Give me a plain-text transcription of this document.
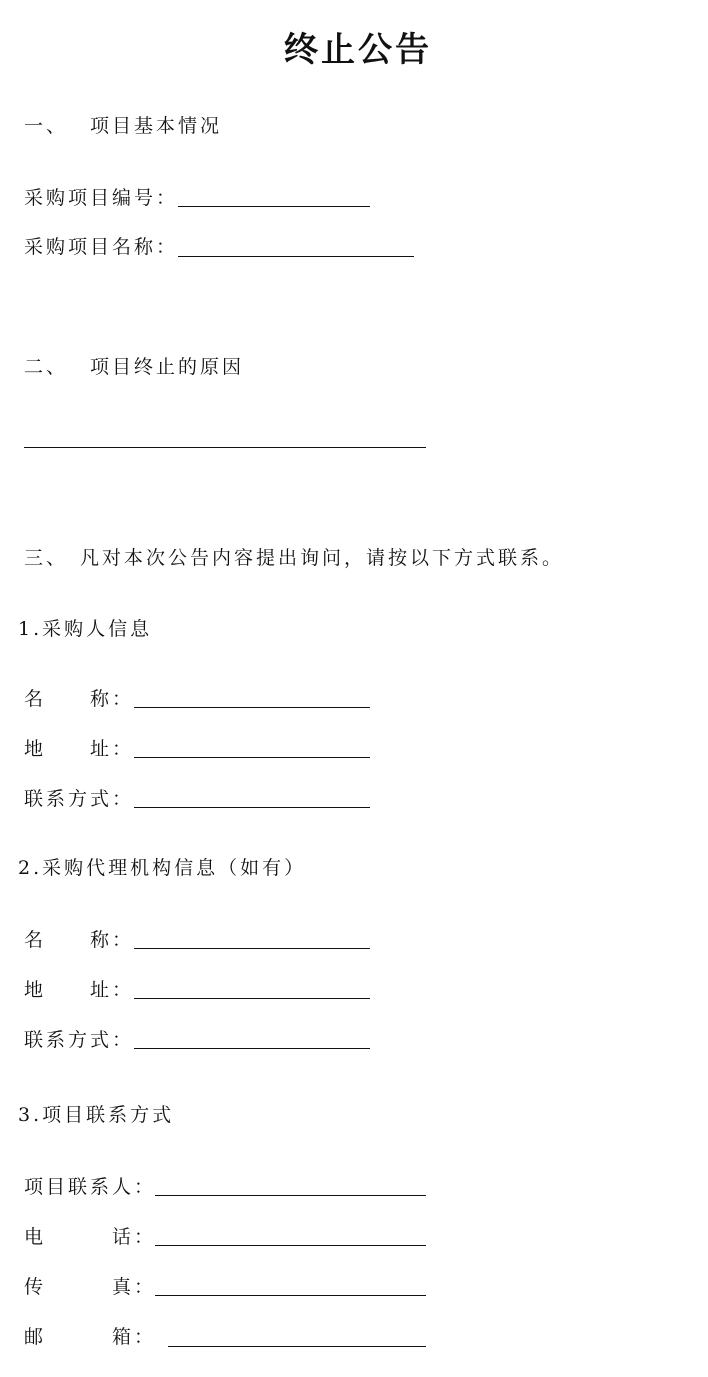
终止公告
一、 项目基本情况
采购项目编号：
采购项目名称：
二、 项目终止的原因
三、 凡对本次公告内容提出询问，请按以下方式联系。
1.采购人信息
名 称：
地 址：
联系方式：
2.采购代理机构信息（如有）
名 称：
地 址：
联系方式：
3.项目联系方式
项目联系人：
电	话：
传	真：
邮	箱：
